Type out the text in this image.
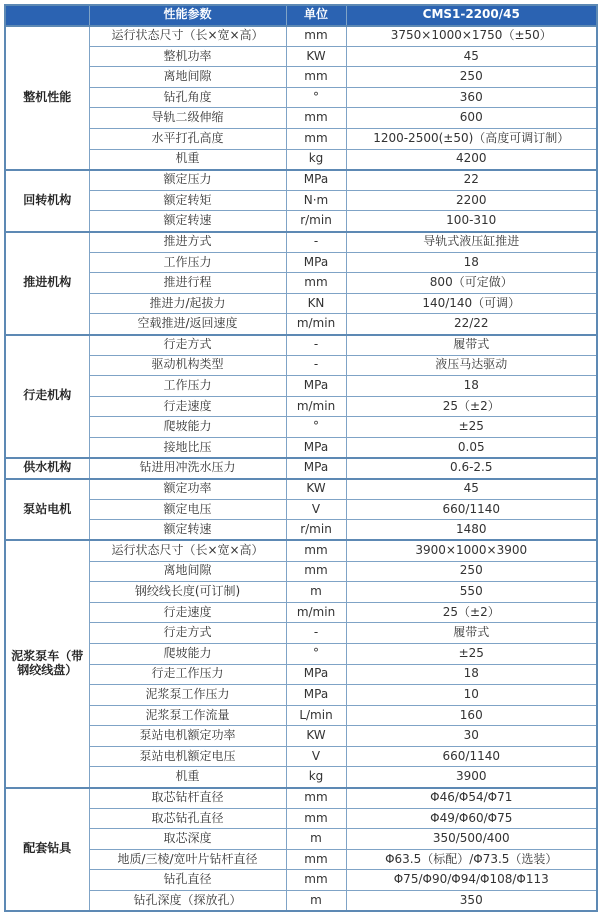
	性能参数	单位	CMS1-2200/45
整机性能	运行状态尺寸（长×宽×高）	mm	3750×1000×1750（±50）
	整机功率	KW	45
	离地间隙	mm	250
	钻孔角度	°	360
	导轨二级伸缩	mm	600
	水平打孔高度	mm	1200-2500(±50)（高度可调订制）
	机重	kg	4200
回转机构	额定压力	MPa	22
	额定转矩	N·m	2200
	额定转速	r/min	100-310
推进机构	推进方式	-	导轨式液压缸推进
	工作压力	MPa	18
	推进行程	mm	800（可定做）
	推进力/起拔力	KN	140/140（可调）
	空载推进/返回速度	m/min	22/22
行走机构	行走方式	-	履带式
	驱动机构类型	-	液压马达驱动
	工作压力	MPa	18
	行走速度	m/min	25（±2）
	爬坡能力	°	±25
	接地比压	MPa	0.05
供水机构	钻进用冲洗水压力	MPa	0.6-2.5
泵站电机	额定功率	KW	45
	额定电压	V	660/1140
	额定转速	r/min	1480
泥浆泵车（带钢绞线盘）	运行状态尺寸（长×宽×高）	mm	3900×1000×3900
	离地间隙	mm	250
	钢绞线长度(可订制)	m	550
	行走速度	m/min	25（±2）
	行走方式	-	履带式
	爬坡能力	°	±25
	行走工作压力	MPa	18
	泥浆泵工作压力	MPa	10
	泥浆泵工作流量	L/min	160
	泵站电机额定功率	KW	30
	泵站电机额定电压	V	660/1140
	机重	kg	3900
配套钻具	取芯钻杆直径	mm	Φ46/Φ54/Φ71
	取芯钻孔直径	mm	Φ49/Φ60/Φ75
	取芯深度	m	350/500/400
	地质/三棱/宽叶片钻杆直径	mm	Φ63.5（标配）/Φ73.5（选装）
	钻孔直径	mm	Φ75/Φ90/Φ94/Φ108/Φ113
	钻孔深度（探放孔）	m	350
